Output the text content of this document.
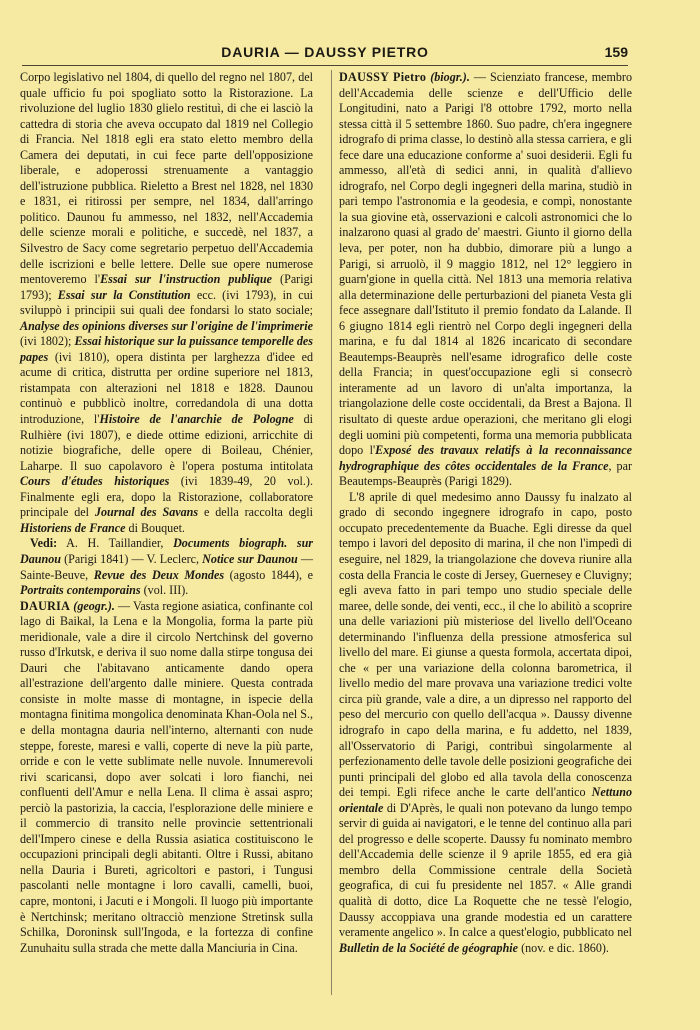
DAURIA — DAUSSY PIETRO	159

Corpo legislativo nel 1804, di quello del regno nel 1807, del quale ufficio fu poi spogliato sotto la Ristorazione. La rivoluzione del luglio 1830 glielo restituì, di che ei lasciò la cattedra di storia che aveva occupato dal 1819 nel Collegio di Francia. Nel 1818 egli era stato eletto membro della Camera dei deputati, in cui fece parte dell'opposizione liberale, e adoperossi strenuamente a vantaggio dell'istruzione pubblica. Rieletto a Brest nel 1828, nel 1830 e 1831, ei ritirossi per sempre, nel 1834, dall'arringo politico. Daunou fu ammesso, nel 1832, nell'Accademia delle scienze morali e politiche, e succedè, nel 1837, a Silvestro de Sacy come segretario perpetuo dell'Accademia delle iscrizioni e belle lettere. Delle sue opere numerose mentoveremo l'Essai sur l'instruction publique (Parigi 1793); Essai sur la Constitution ecc. (ivi 1793), in cui sviluppò i principii sui quali dee fondarsi lo stato sociale; Analyse des opinions diverses sur l'origine de l'imprimerie (ivi 1802); Essai historique sur la puissance temporelle des papes (ivi 1810), opera distinta per larghezza d'idee ed acume di critica, distrutta per ordine superiore nel 1813, ristampata con alterazioni nel 1818 e 1828. Daunou continuò e pubblicò inoltre, corredandola di una dotta introduzione, l'Histoire de l'anarchie de Pologne di Rulhière (ivi 1807), e diede ottime edizioni, arricchite di notizie biografiche, delle opere di Boileau, Chénier, Laharpe. Il suo capolavoro è l'opera postuma intitolata Cours d'études historiques (ivi 1839-49, 20 vol.). Finalmente egli era, dopo la Ristorazione, collaboratore principale del Journal des Savans e della raccolta degli Historiens de France di Bouquet.

Vedi: A. H. Taillandier, Documents biograph. sur Daunou (Parigi 1841) — V. Leclerc, Notice sur Daunou — Sainte-Beuve, Revue des Deux Mondes (agosto 1844), e Portraits contemporains (vol. III).

DAURIA (geogr.). — Vasta regione asiatica, confinante col lago di Baikal, la Lena e la Mongolia, forma la parte più meridionale, vale a dire il circolo Nertchinsk del governo russo d'Irkutsk, e deriva il suo nome dalla stirpe tongusa dei Dauri che l'abitavano anticamente dando opera all'estrazione dell'argento dalle miniere. Questa contrada consiste in molte masse di montagne, in ispecie della montagna finitima mongolica denominata Khan-Oola nel S., e della montagna dauria nell'interno, alternanti con nude steppe, foreste, maresi e valli, coperte di neve la più parte, orride e con le vette sublimate nelle nuvole. Innumerevoli rivi scaricansi, dopo aver solcati i loro fianchi, nei confluenti dell'Amur e nella Lena. Il clima è assai aspro; perciò la pastorizia, la caccia, l'esplorazione delle miniere e il commercio di transito nelle provincie settentrionali dell'Impero cinese e della Russia asiatica costituiscono le occupazioni principali degli abitanti. Oltre i Russi, abitano nella Dauria i Bureti, agricoltori e pastori, i Tungusi pascolanti nelle montagne i loro cavalli, camelli, buoi, capre, montoni, i Jacuti e i Mongoli. Il luogo più importante è Nertchinsk; meritano oltracciò menzione Stretinsk sulla Schilka, Doroninsk sull'Ingoda, e la fortezza di confine Zunuhaitu sulla strada che mette dalla Manciuria in Cina.

DAUSSY Pietro (biogr.). — Scienziato francese, membro dell'Accademia delle scienze e dell'Ufficio delle Longitudini, nato a Parigi l'8 ottobre 1792, morto nella stessa città il 5 settembre 1860. Suo padre, ch'era ingegnere idrografo di prima classe, lo destinò alla stessa carriera, e gli fece dare una educazione conforme a' suoi desiderii. Egli fu ammesso, all'età di sedici anni, in qualità d'allievo idrografo, nel Corpo degli ingegneri della marina, studiò in pari tempo l'astronomia e la geodesia, e compì, nonostante la sua giovine età, osservazioni e calcoli astronomici che lo inalzarono quasi al grado de' maestri. Giunto il giorno della leva, per poter, non ha dubbio, dimorare più a lungo a Parigi, si arruolò, il 9 maggio 1812, nel 12° leggiero in guarn'gione in quella città. Nel 1813 una memoria relativa alla determinazione delle perturbazioni del pianeta Vesta gli fece assegnare dall'Istituto il premio fondato da Lalande. Il 6 giugno 1814 egli rientrò nel Corpo degli ingegneri della marina, e fu dal 1814 al 1826 incaricato di secondare Beautemps-Beauprès nell'esame idrografico delle coste della Francia; in quest'occupazione egli si consecrò interamente ad un lavoro di un'alta importanza, la triangolazione delle coste occidentali, da Brest a Bajona. Il risultato di queste ardue operazioni, che meritano gli elogi degli uomini più competenti, forma una memoria pubblicata dopo l'Exposé des travaux relatifs à la reconnaissance hydrographique des côtes occidentales de la France, par Beautemps-Beauprès (Parigi 1829).

L'8 aprile di quel medesimo anno Daussy fu inalzato al grado di secondo ingegnere idrografo in capo, posto occupato precedentemente da Buache. Egli diresse da quel tempo i lavori del deposito di marina, il che non l'impedì di eseguire, nel 1829, la triangolazione che doveva riunire alla costa della Francia le coste di Jersey, Guernesey e Cluvigny; egli aveva fatto in pari tempo uno studio speciale delle maree, delle sonde, dei venti, ecc., il che lo abilitò a scoprire una delle variazioni più misteriose del livello dell'Oceano determinando l'influenza della pressione atmosferica sul livello del mare. Ei giunse a questa formola, accertata dipoi, che « per una variazione della colonna barometrica, il livello medio del mare provava una variazione tredici volte circa più grande, vale a dire, a un dipresso nel rapporto del peso del mercurio con quello dell'acqua ». Daussy divenne idrografo in capo della marina, e fu addetto, nel 1839, all'Osservatorio di Parigi, contribuì singolarmente al perfezionamento delle tavole delle posizioni geografiche dei punti principali del globo ed alla tavola della conoscenza dei tempi. Egli rifece anche le carte dell'antico Nettuno orientale di D'Après, le quali non potevano da lungo tempo servir di guida ai navigatori, e le tenne del continuo alla pari del progresso e delle scoperte. Daussy fu nominato membro dell'Accademia delle scienze il 9 aprile 1855, ed era già membro della Commissione centrale della Società geografica, di cui fu presidente nel 1857. « Alle grandi qualità di dotto, dice La Roquette che ne tessè l'elogio, Daussy accoppiava una grande modestia ed un carattere veramente angelico ». In calce a quest'elogio, pubblicato nel Bulletin de la Société de géographie (nov. e dic. 1860).
